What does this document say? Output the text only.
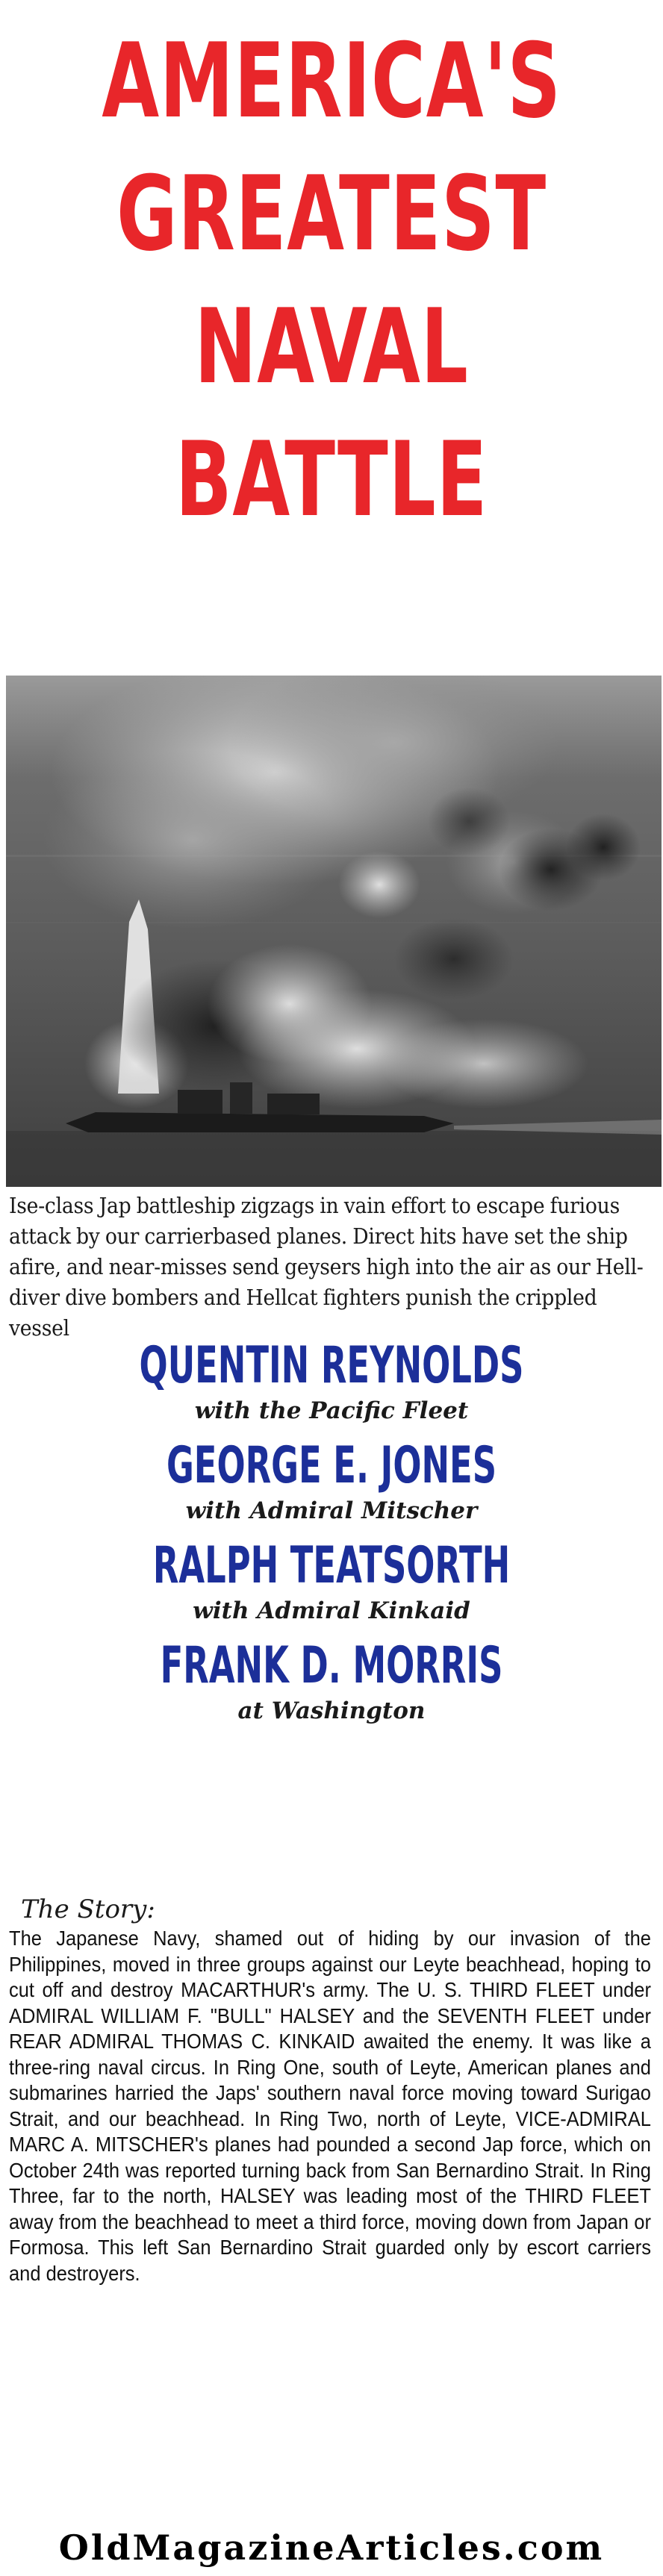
AMERICA'S
GREATEST
NAVAL
BATTLE

Ise-class Jap battleship zigzags in vain effort to escape furious attack by our carrierbased planes. Direct hits have set the ship afire, and near-misses send geysers high into the air as our Hell-diver dive bombers and Hellcat fighters punish the crippled vessel

QUENTIN REYNOLDS
with the Pacific Fleet
GEORGE E. JONES
with Admiral Mitscher
RALPH TEATSORTH
with Admiral Kinkaid
FRANK D. MORRIS
at Washington
The Story:

The Japanese Navy, shamed out of hiding by our invasion of the Philippines, moved in three groups against our Leyte beachhead, hoping to cut off and destroy MACARTHUR's army. The U. S. THIRD FLEET under ADMIRAL WILLIAM F. "BULL" HALSEY and the SEVENTH FLEET under REAR ADMIRAL THOMAS C. KINKAID awaited the enemy. It was like a three-ring naval circus. In Ring One, south of Leyte, American planes and submarines harried the Japs' southern naval force moving toward Surigao Strait, and our beachhead. In Ring Two, north of Leyte, VICE-ADMIRAL MARC A. MITSCHER's planes had pounded a second Jap force, which on October 24th was reported turning back from San Bernardino Strait. In Ring Three, far to the north, HALSEY was leading most of the THIRD FLEET away from the beachhead to meet a third force, moving down from Japan or Formosa. This left San Bernardino Strait guarded only by escort carriers and destroyers.

OldMagazineArticles.com
